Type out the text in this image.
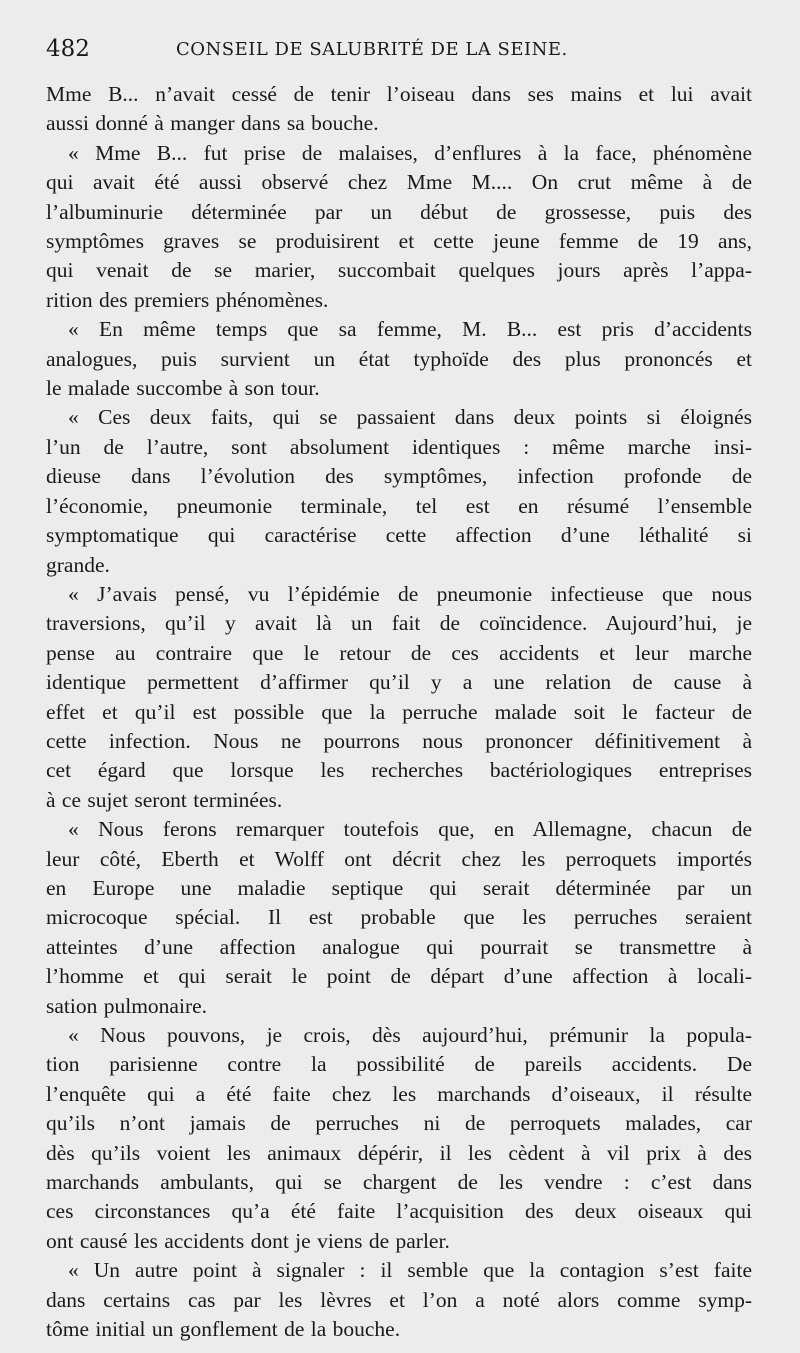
482	CONSEIL DE SALUBRITÉ DE LA SEINE.
Mme B... n’avait cessé de tenir l’oiseau dans ses mains et lui avait
aussi donné à manger dans sa bouche.
« Mme B... fut prise de malaises, d’enflures à la face, phénomène
qui avait été aussi observé chez Mme M.... On crut même à de
l’albuminurie déterminée par un début de grossesse, puis des
symptômes graves se produisirent et cette jeune femme de 19 ans,
qui venait de se marier, succombait quelques jours après l’appa-
rition des premiers phénomènes.
« En même temps que sa femme, M. B... est pris d’accidents
analogues, puis survient un état typhoïde des plus prononcés et
le malade succombe à son tour.
« Ces deux faits, qui se passaient dans deux points si éloignés
l’un de l’autre, sont absolument identiques : même marche insi-
dieuse dans l’évolution des symptômes, infection profonde de
l’économie, pneumonie terminale, tel est en résumé l’ensemble
symptomatique qui caractérise cette affection d’une léthalité si
grande.
« J’avais pensé, vu l’épidémie de pneumonie infectieuse que nous
traversions, qu’il y avait là un fait de coïncidence. Aujourd’hui, je
pense au contraire que le retour de ces accidents et leur marche
identique permettent d’affirmer qu’il y a une relation de cause à
effet et qu’il est possible que la perruche malade soit le facteur de
cette infection. Nous ne pourrons nous prononcer définitivement à
cet égard que lorsque les recherches bactériologiques entreprises
à ce sujet seront terminées.
« Nous ferons remarquer toutefois que, en Allemagne, chacun de
leur côté, Eberth et Wolff ont décrit chez les perroquets importés
en Europe une maladie septique qui serait déterminée par un
microcoque spécial. Il est probable que les perruches seraient
atteintes d’une affection analogue qui pourrait se transmettre à
l’homme et qui serait le point de départ d’une affection à locali-
sation pulmonaire.
« Nous pouvons, je crois, dès aujourd’hui, prémunir la popula-
tion parisienne contre la possibilité de pareils accidents. De
l’enquête qui a été faite chez les marchands d’oiseaux, il résulte
qu’ils n’ont jamais de perruches ni de perroquets malades, car
dès qu’ils voient les animaux dépérir, il les cèdent à vil prix à des
marchands ambulants, qui se chargent de les vendre : c’est dans
ces circonstances qu’a été faite l’acquisition des deux oiseaux qui
ont causé les accidents dont je viens de parler.
« Un autre point à signaler : il semble que la contagion s’est faite
dans certains cas par les lèvres et l’on a noté alors comme symp-
tôme initial un gonflement de la bouche.
